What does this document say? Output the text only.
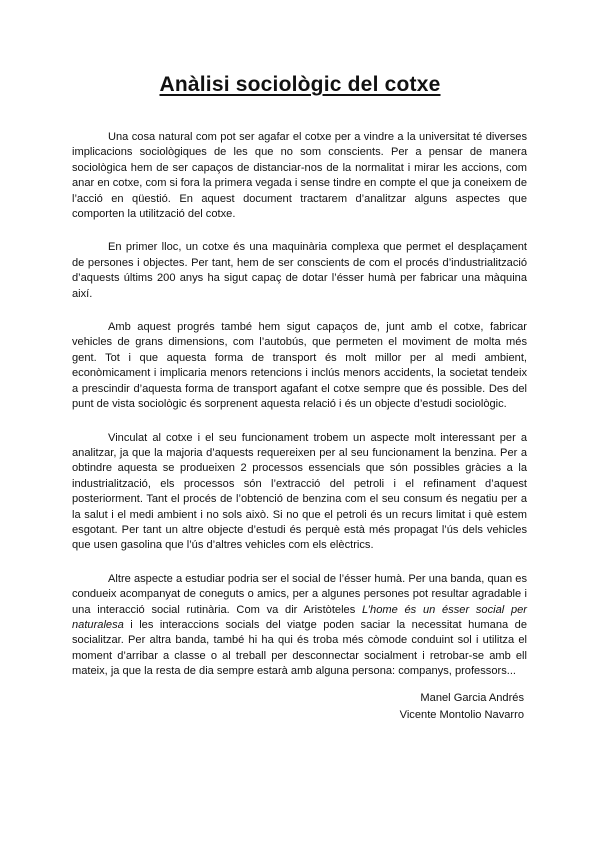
Anàlisi sociològic del cotxe

Una cosa natural com pot ser agafar el cotxe per a vindre a la universitat té diverses implicacions sociològiques de les que no som conscients. Per a pensar de manera sociològica hem de ser capaços de distanciar-nos de la normalitat i mirar les accions, com anar en cotxe, com si fora la primera vegada i sense tindre en compte el que ja coneixem de l’acció en qüestió. En aquest document tractarem d’analitzar alguns aspectes que comporten la utilització del cotxe.

En primer lloc, un cotxe és una maquinària complexa que permet el desplaçament de persones i objectes. Per tant, hem de ser conscients de com el procés d’industrialització d’aquests últims 200 anys ha sigut capaç de dotar l’ésser humà per fabricar una màquina així.

Amb aquest progrés també hem sigut capaços de, junt amb el cotxe, fabricar vehicles de grans dimensions, com l’autobús, que permeten el moviment de molta més gent. Tot i que aquesta forma de transport és molt millor per al medi ambient, econòmicament i implicaria menors retencions i inclús menors accidents, la societat tendeix a prescindir d’aquesta forma de transport agafant el cotxe sempre que és possible. Des del punt de vista sociològic és sorprenent aquesta relació i és un objecte d’estudi sociològic.

Vinculat al cotxe i el seu funcionament trobem un aspecte molt interessant per a analitzar, ja que la majoria d’aquests requereixen per al seu funcionament la benzina. Per a obtindre aquesta se produeixen 2 processos essencials que són possibles gràcies a la industrialització, els processos són l’extracció del petroli i el refinament d’aquest posteriorment. Tant el procés de l’obtenció de benzina com el seu consum és negatiu per a la salut i el medi ambient i no sols això. Si no que el petroli és un recurs limitat i què estem esgotant. Per tant un altre objecte d’estudi és perquè està més propagat l’ús dels vehicles que usen gasolina que l’ús d’altres vehicles com els elèctrics.

Altre aspecte a estudiar podria ser el social de l’ésser humà. Per una banda, quan es condueix acompanyat de coneguts o amics, per a algunes persones pot resultar agradable i una interacció social rutinària. Com va dir Aristòteles L’home és un ésser social per naturalesa i les interaccions socials del viatge poden saciar la necessitat humana de socialitzar. Per altra banda, també hi ha qui és troba més còmode conduint sol i utilitza el moment d’arribar a classe o al treball per desconnectar socialment i retrobar-se amb ell mateix, ja que la resta de dia sempre estarà amb alguna persona: companys, professors...

Manel Garcia Andrés
Vicente Montolio Navarro
